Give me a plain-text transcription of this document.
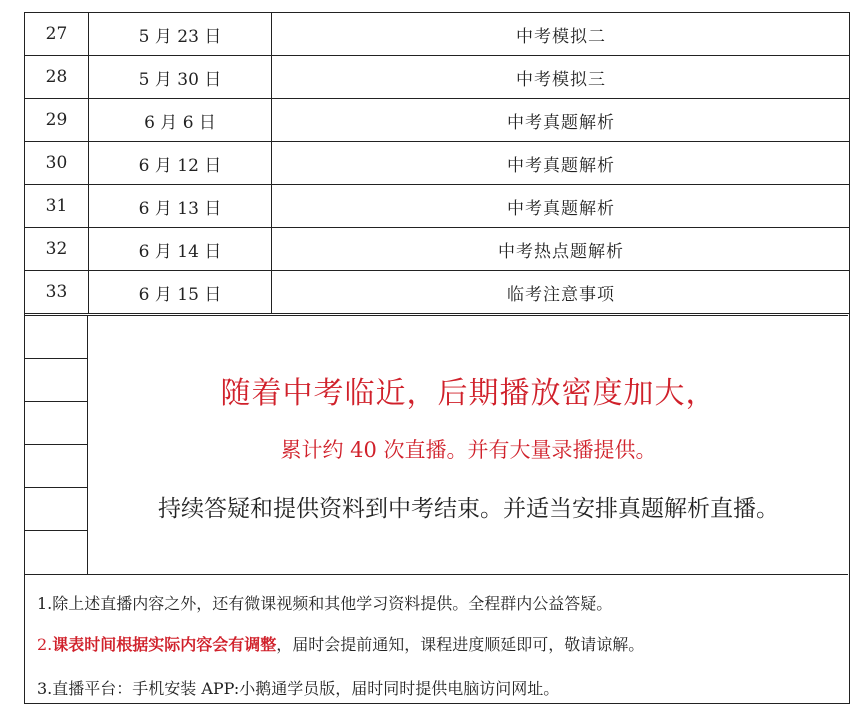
27	5 月 23 日	中考模拟二
28	5 月 30 日	中考模拟三
29	6 月 6 日	中考真题解析
30	6 月 12 日	中考真题解析
31	6 月 13 日	中考真题解析
32	6 月 14 日	中考热点题解析
33	6 月 15 日	临考注意事项
随着中考临近，后期播放密度加大，
累计约 40 次直播。并有大量录播提供。
持续答疑和提供资料到中考结束。并适当安排真题解析直播。
1.除上述直播内容之外，还有微课视频和其他学习资料提供。全程群内公益答疑。
2.课表时间根据实际内容会有调整，届时会提前通知，课程进度顺延即可，敬请谅解。
3.直播平台：手机安装 APP:小鹅通学员版，届时同时提供电脑访问网址。
